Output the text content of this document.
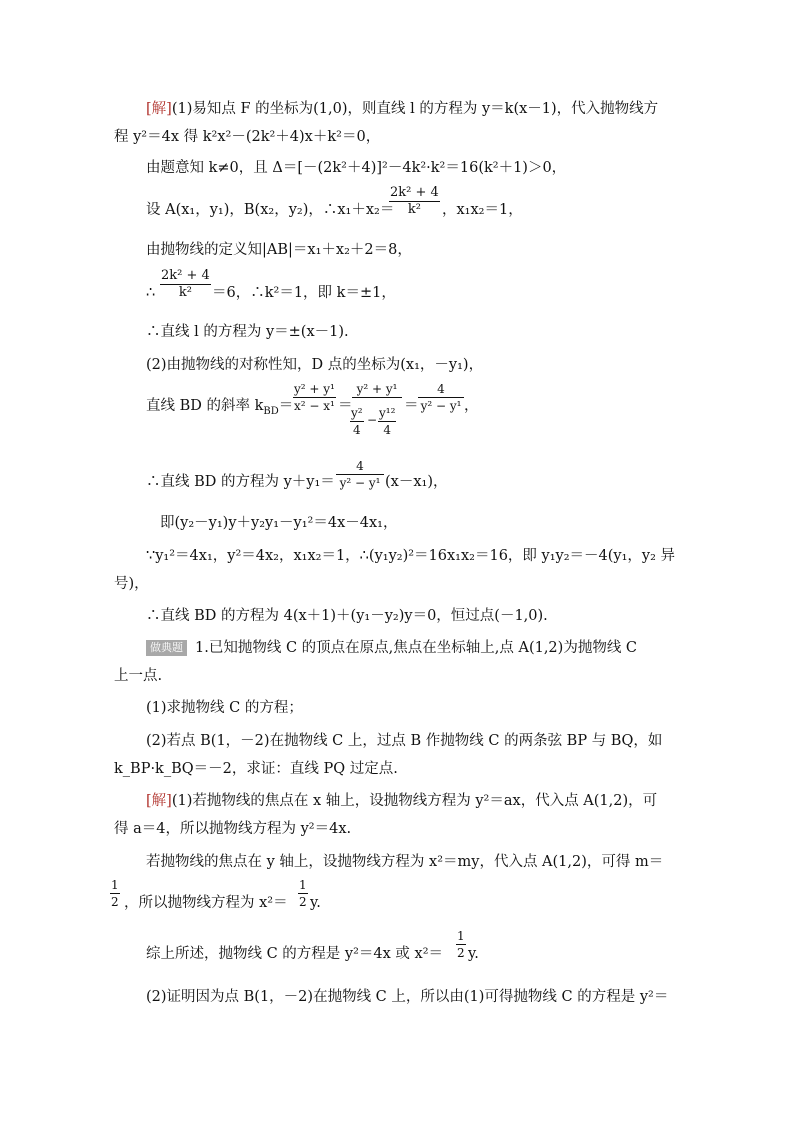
[解](1)易知点 F 的坐标为(1,0)，则直线 l 的方程为 y＝k(x－1)，代入抛物线方
程 y²＝4x 得 k²x²－(2k²＋4)x＋k²＝0，
由题意知 k≠0，且 Δ＝[－(2k²＋4)]²－4k²·k²＝16(k²＋1)＞0，
设 A(x₁，y₁)，B(x₂，y₂)，∴x₁＋x₂＝
2k² + 4
k²	，x₁x₂＝1，
由抛物线的定义知|AB|＝x₁＋x₂＋2＝8，
∴
2k² + 4
k²	＝6，∴k²＝1，即 k＝±1，
∴直线 l 的方程为 y＝±(x－1).
(2)由抛物线的对称性知，D 点的坐标为(x₁，－y₁)，
直线 BD 的斜率 $k_{BD}=$
y² + y¹
x² − x¹ ＝
y² + y¹
y²
4
− y¹²
4
＝
4
y² − y¹ ，
∴直线 BD 的方程为 y＋y₁＝
4
y² − y¹ (x－x₁)，
即(y₂－y₁)y＋y₂y₁－y₁²＝4x－4x₁，
∵y₁²＝4x₁，y²＝4x₂，x₁x₂＝1，∴(y₁y₂)²＝16x₁x₂＝16，即 y₁y₂＝－4(y₁，y₂ 异
号)，
∴直线 BD 的方程为 4(x＋1)＋(y₁－y₂)y＝0，恒过点(－1,0).
做典题 1.已知抛物线 C 的顶点在原点,焦点在坐标轴上,点 A(1,2)为抛物线 C
上一点.
(1)求抛物线 C 的方程；
(2)若点 B(1，－2)在抛物线 C 上，过点 B 作抛物线 C 的两条弦 BP 与 BQ，如
k_BP·k_BQ＝－2，求证：直线 PQ 过定点.
[解](1)若抛物线的焦点在 x 轴上，设抛物线方程为 y²＝ax，代入点 A(1,2)，可
得 a＝4，所以抛物线方程为 y²＝4x.
若抛物线的焦点在 y 轴上，设抛物线方程为 x²＝my，代入点 A(1,2)，可得 m＝
1
2 ，所以抛物线方程为 x²＝
1
2 y.
综上所述，抛物线 C 的方程是 y²＝4x 或 x²＝
1
2 y.
(2)证明因为点 B(1，－2)在抛物线 C 上，所以由(1)可得抛物线 C 的方程是 y²＝
